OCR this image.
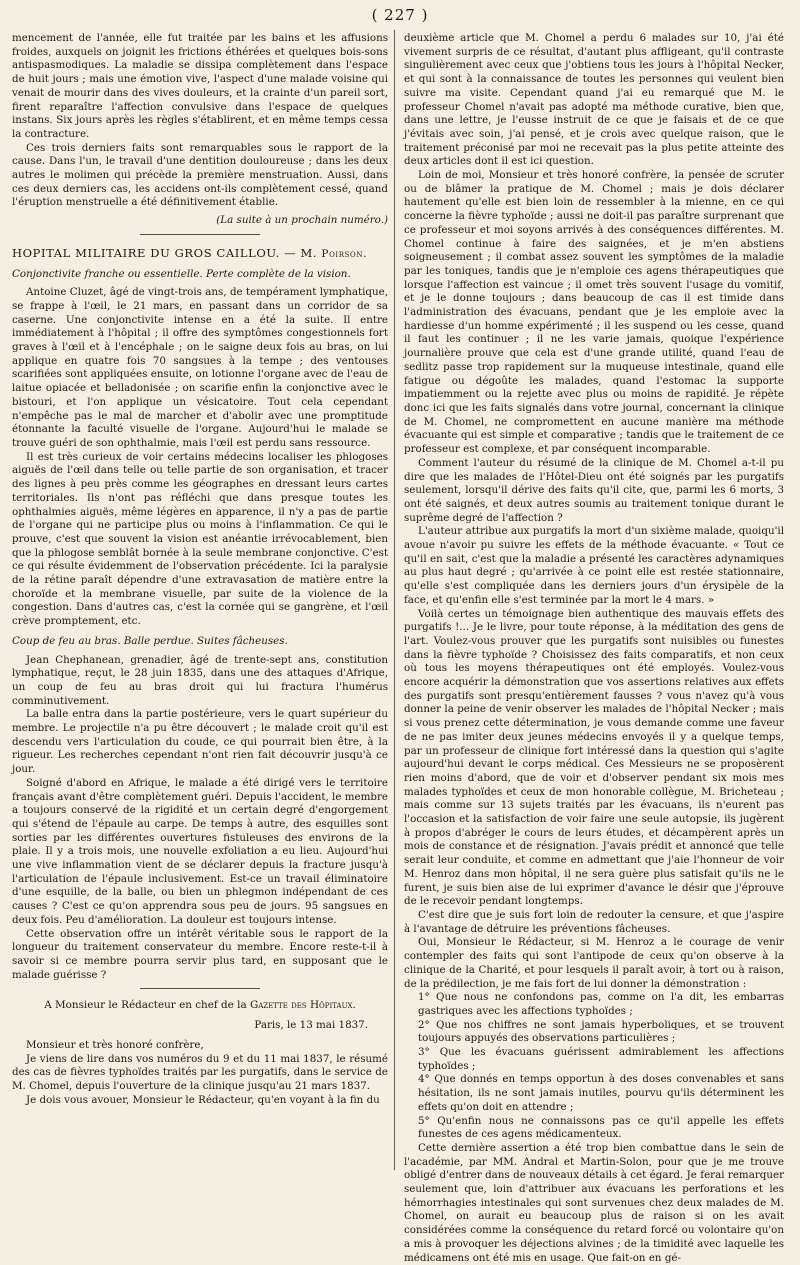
( 227 )

mencement de l'année, elle fut traitée par les bains et les affusions froides, auxquels on joignit les frictions éthérées et quelques bois-sons antispasmodiques. La maladie se dissipa complètement dans l'espace de huit jours ; mais une émotion vive, l'aspect d'une malade voisine qui venait de mourir dans des vives douleurs, et la crainte d'un pareil sort, firent reparaître l'affection convulsive dans l'espace de quelques instans. Six jours après les règles s'établirent, et en même temps cessa la contracture.

Ces trois derniers faits sont remarquables sous le rapport de la cause. Dans l'un, le travail d'une dentition douloureuse ; dans les deux autres le molimen qui précède la première menstruation. Aussi, dans ces deux derniers cas, les accidens ont-ils complètement cessé, quand l'éruption menstruelle a été définitivement établie.

(La suite à un prochain numéro.)
HOPITAL MILITAIRE DU GROS CAILLOU. — M. Poirson.

Conjonctivite franche ou essentielle. Perte complète de la vision.

Antoine Cluzet, âgé de vingt-trois ans, de tempérament lymphatique, se frappe à l'œil, le 21 mars, en passant dans un corridor de sa caserne. Une conjonctivite intense en a été la suite. Il entre immédiatement à l'hôpital ; il offre des symptômes congestionnels fort graves à l'œil et à l'encéphale ; on le saigne deux fois au bras, on lui applique en quatre fois 70 sangsues à la tempe ; des ventouses scarifiées sont appliquées ensuite, on lotionne l'organe avec de l'eau de laitue opiacée et belladonisée ; on scarifie enfin la conjonctive avec le bistouri, et l'on applique un vésicatoire. Tout cela cependant n'empêche pas le mal de marcher et d'abolir avec une promptitude étonnante la faculté visuelle de l'organe. Aujourd'hui le malade se trouve guéri de son ophthalmie, mais l'œil est perdu sans ressource.

Il est très curieux de voir certains médecins localiser les phlogoses aiguës de l'œil dans telle ou telle partie de son organisation, et tracer des lignes à peu près comme les géographes en dressant leurs cartes territoriales. Ils n'ont pas réfléchi que dans presque toutes les ophthalmies aiguës, même légères en apparence, il n'y a pas de partie de l'organe qui ne participe plus ou moins à l'inflammation. Ce qui le prouve, c'est que souvent la vision est anéantie irrévocablement, bien que la phlogose semblât bornée à la seule membrane conjonctive. C'est ce qui résulte évidemment de l'observation précédente. Ici la paralysie de la rétine paraît dépendre d'une extravasation de matière entre la choroïde et la membrane visuelle, par suite de la violence de la congestion. Dans d'autres cas, c'est la cornée qui se gangrène, et l'œil crève promptement, etc.

Coup de feu au bras. Balle perdue. Suites fâcheuses.

Jean Chephanean, grenadier, âgé de trente-sept ans, constitution lymphatique, reçut, le 28 juin 1835, dans une des attaques d'Afrique, un coup de feu au bras droit qui lui fractura l'humérus comminutivement.

La balle entra dans la partie postérieure, vers le quart supérieur du membre. Le projectile n'a pu être découvert ; le malade croit qu'il est descendu vers l'articulation du coude, ce qui pourrait bien être, à la rigueur. Les recherches cependant n'ont rien fait découvrir jusqu'à ce jour.

Soigné d'abord en Afrique, le malade a été dirigé vers le territoire français avant d'être complètement guéri. Depuis l'accident, le membre a toujours conservé de la rigidité et un certain degré d'engorgement qui s'étend de l'épaule au carpe. De temps à autre, des esquilles sont sorties par les différentes ouvertures fistuleuses des environs de la plaie. Il y a trois mois, une nouvelle exfoliation a eu lieu. Aujourd'hui une vive inflammation vient de se déclarer depuis la fracture jusqu'à l'articulation de l'épaule inclusivement. Est-ce un travail éliminatoire d'une esquille, de la balle, ou bien un phlegmon indépendant de ces causes ? C'est ce qu'on apprendra sous peu de jours. 95 sangsues en deux fois. Peu d'amélioration. La douleur est toujours intense.

Cette observation offre un intérêt véritable sous le rapport de la longueur du traitement conservateur du membre. Encore reste-t-il à savoir si ce membre pourra servir plus tard, en supposant que le malade guérisse ?

A Monsieur le Rédacteur en chef de la Gazette des Hôpitaux.
Paris, le 13 mai 1837.

Monsieur et très honoré confrère,

Je viens de lire dans vos numéros du 9 et du 11 mai 1837, le résumé des cas de fièvres typhoïdes traités par les purgatifs, dans le service de M. Chomel, depuis l'ouverture de la clinique jusqu'au 21 mars 1837.

Je dois vous avouer, Monsieur le Rédacteur, qu'en voyant à la fin du

deuxième article que M. Chomel a perdu 6 malades sur 10, j'ai été vivement surpris de ce résultat, d'autant plus affligeant, qu'il contraste singulièrement avec ceux que j'obtiens tous les jours à l'hôpital Necker, et qui sont à la connaissance de toutes les personnes qui veulent bien suivre ma visite. Cependant quand j'ai eu remarqué que M. le professeur Chomel n'avait pas adopté ma méthode curative, bien que, dans une lettre, je l'eusse instruit de ce que je faisais et de ce que j'évitais avec soin, j'ai pensé, et je crois avec quelque raison, que le traitement préconisé par moi ne recevait pas la plus petite atteinte des deux articles dont il est ici question.

Loin de moi, Monsieur et très honoré confrère, la pensée de scruter ou de blâmer la pratique de M. Chomel ; mais je dois déclarer hautement qu'elle est bien loin de ressembler à la mienne, en ce qui concerne la fièvre typhoïde ; aussi ne doit-il pas paraître surprenant que ce professeur et moi soyons arrivés à des conséquences différentes. M. Chomel continue à faire des saignées, et je m'en abstiens soigneusement ; il combat assez souvent les symptômes de la maladie par les toniques, tandis que je n'emploie ces agens thérapeutiques que lorsque l'affection est vaincue ; il omet très souvent l'usage du vomitif, et je le donne toujours ; dans beaucoup de cas il est timide dans l'administration des évacuans, pendant que je les emploie avec la hardiesse d'un homme expérimenté ; il les suspend ou les cesse, quand il faut les continuer ; il ne les varie jamais, quoique l'expérience journalière prouve que cela est d'une grande utilité, quand l'eau de sedlitz passe trop rapidement sur la muqueuse intestinale, quand elle fatigue ou dégoûte les malades, quand l'estomac la supporte impatiemment ou la rejette avec plus ou moins de rapidité. Je répète donc ici que les faits signalés dans votre journal, concernant la clinique de M. Chomel, ne compromettent en aucune manière ma méthode évacuante qui est simple et comparative ; tandis que le traitement de ce professeur est complexe, et par conséquent incomparable.

Comment l'auteur du résumé de la clinique de M. Chomel a-t-il pu dire que les malades de l'Hôtel-Dieu ont été soignés par les purgatifs seulement, lorsqu'il dérive des faits qu'il cite, que, parmi les 6 morts, 3 ont été saignés, et deux autres soumis au traitement tonique durant le suprême degré de l'affection ?

L'auteur attribue aux purgatifs la mort d'un sixième malade, quoiqu'il avoue n'avoir pu suivre les effets de la méthode évacuante. « Tout ce qu'il en sait, c'est que la maladie a présenté les caractères adynamiques au plus haut degré ; qu'arrivée à ce point elle est restée stationnaire, qu'elle s'est compliquée dans les derniers jours d'un érysipèle de la face, et qu'enfin elle s'est terminée par la mort le 4 mars. »

Voilà certes un témoignage bien authentique des mauvais effets des purgatifs !... Je le livre, pour toute réponse, à la méditation des gens de l'art. Voulez-vous prouver que les purgatifs sont nuisibles ou funestes dans la fièvre typhoïde ? Choisissez des faits comparatifs, et non ceux où tous les moyens thérapeutiques ont été employés. Voulez-vous encore acquérir la démonstration que vos assertions relatives aux effets des purgatifs sont presqu'entièrement fausses ? vous n'avez qu'à vous donner la peine de venir observer les malades de l'hôpital Necker ; mais si vous prenez cette détermination, je vous demande comme une faveur de ne pas imiter deux jeunes médecins envoyés il y a quelque temps, par un professeur de clinique fort intéressé dans la question qui s'agite aujourd'hui devant le corps médical. Ces Messieurs ne se proposèrent rien moins d'abord, que de voir et d'observer pendant six mois mes malades typhoïdes et ceux de mon honorable collègue, M. Bricheteau ; mais comme sur 13 sujets traités par les évacuans, ils n'eurent pas l'occasion et la satisfaction de voir faire une seule autopsie, ils jugèrent à propos d'abréger le cours de leurs études, et décampèrent après un mois de constance et de résignation. J'avais prédit et annoncé que telle serait leur conduite, et comme en admettant que j'aie l'honneur de voir M. Henroz dans mon hôpital, il ne sera guère plus satisfait qu'ils ne le furent, je suis bien aise de lui exprimer d'avance le désir que j'éprouve de le recevoir pendant longtemps.

C'est dire que je suis fort loin de redouter la censure, et que j'aspire à l'avantage de détruire les préventions fâcheuses.

Oui, Monsieur le Rédacteur, si M. Henroz a le courage de venir contempler des faits qui sont l'antipode de ceux qu'on observe à la clinique de la Charité, et pour lesquels il paraît avoir, à tort ou à raison, de la prédilection, je me fais fort de lui donner la démonstration :

1° Que nous ne confondons pas, comme on l'a dit, les embarras gastriques avec les affections typhoïdes ;

2° Que nos chiffres ne sont jamais hyperboliques, et se trouvent toujours appuyés des observations particulières ;

3° Que les évacuans guérissent admirablement les affections typhoïdes ;

4° Que donnés en temps opportun à des doses convenables et sans hésitation, ils ne sont jamais inutiles, pourvu qu'ils déterminent les effets qu'on doit en attendre ;

5° Qu'enfin nous ne connaissons pas ce qu'il appelle les effets funestes de ces agens médicamenteux.

Cette dernière assertion a été trop bien combattue dans le sein de l'académie, par MM. Andral et Martin-Solon, pour que je me trouve obligé d'entrer dans de nouveaux détails à cet égard. Je ferai remarquer seulement que, loin d'attribuer aux évacuans les perforations et les hémorrhagies intestinales qui sont survenues chez deux malades de M. Chomel, on aurait eu beaucoup plus de raison si on les avait considérées comme la conséquence du retard forcé ou volontaire qu'on a mis à provoquer les déjections alvines ; de la timidité avec laquelle les médicamens ont été mis en usage. Que fait-on en gé-
